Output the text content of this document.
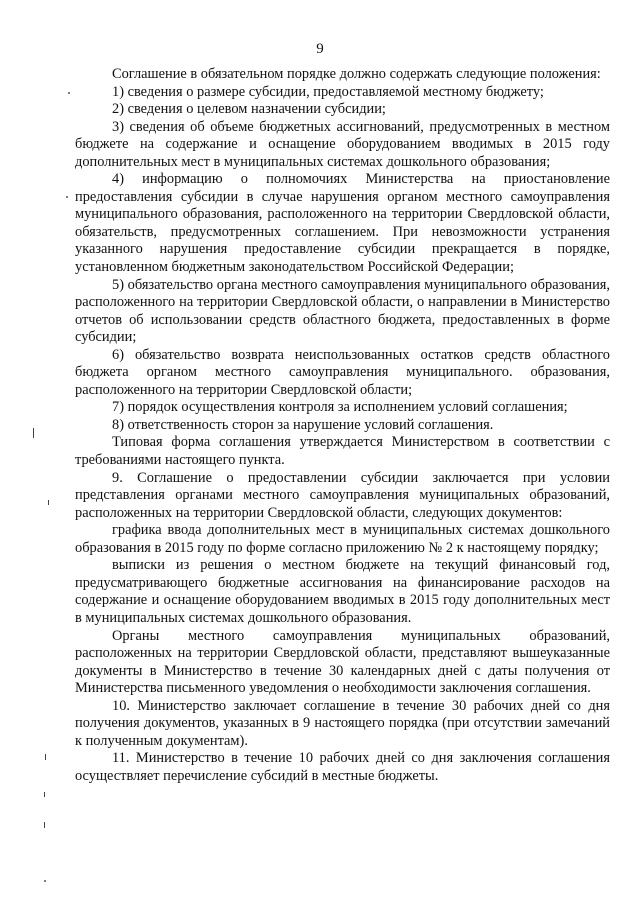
9

Соглашение в обязательном порядке должно содержать следующие положения:

1) сведения о размере субсидии, предоставляемой местному бюджету;

2) сведения о целевом назначении субсидии;

3) сведения об объеме бюджетных ассигнований, предусмотренных в местном бюджете на содержание и оснащение оборудованием вводимых в 2015 году дополнительных мест в муниципальных системах дошкольного образования;

4) информацию о полномочиях Министерства на приостановление предоставления субсидии в случае нарушения органом местного самоуправления муниципального образования, расположенного на территории Свердловской области, обязательств, предусмотренных соглашением. При невозможности устранения указанного нарушения предоставление субсидии прекращается в порядке, установленном бюджетным законодательством Российской Федерации;

5) обязательство органа местного самоуправления муниципального образования, расположенного на территории Свердловской области, о направлении в Министерство отчетов об использовании средств областного бюджета, предоставленных в форме субсидии;

6) обязательство возврата неиспользованных остатков средств областного бюджета органом местного самоуправления муниципального. образования, расположенного на территории Свердловской области;

7) порядок осуществления контроля за исполнением условий соглашения;

8) ответственность сторон за нарушение условий соглашения.

Типовая форма соглашения утверждается Министерством в соответствии с требованиями настоящего пункта.

9. Соглашение о предоставлении субсидии заключается при условии представления органами местного самоуправления муниципальных образований, расположенных на территории Свердловской области, следующих документов:

графика ввода дополнительных мест в муниципальных системах дошкольного образования в 2015 году по форме согласно приложению № 2 к настоящему порядку;

выписки из решения о местном бюджете на текущий финансовый год, предусматривающего бюджетные ассигнования на финансирование расходов на содержание и оснащение оборудованием вводимых в 2015 году дополнительных мест в муниципальных системах дошкольного образования.

Органы местного самоуправления муниципальных образований, расположенных на территории Свердловской области, представляют вышеуказанные документы в Министерство в течение 30 календарных дней с даты получения от Министерства письменного уведомления о необходимости заключения соглашения.

10. Министерство заключает соглашение в течение 30 рабочих дней со дня получения документов, указанных в 9 настоящего порядка (при отсутствии замечаний к полученным документам).

11. Министерство в течение 10 рабочих дней со дня заключения соглашения осуществляет перечисление субсидий в местные бюджеты.
